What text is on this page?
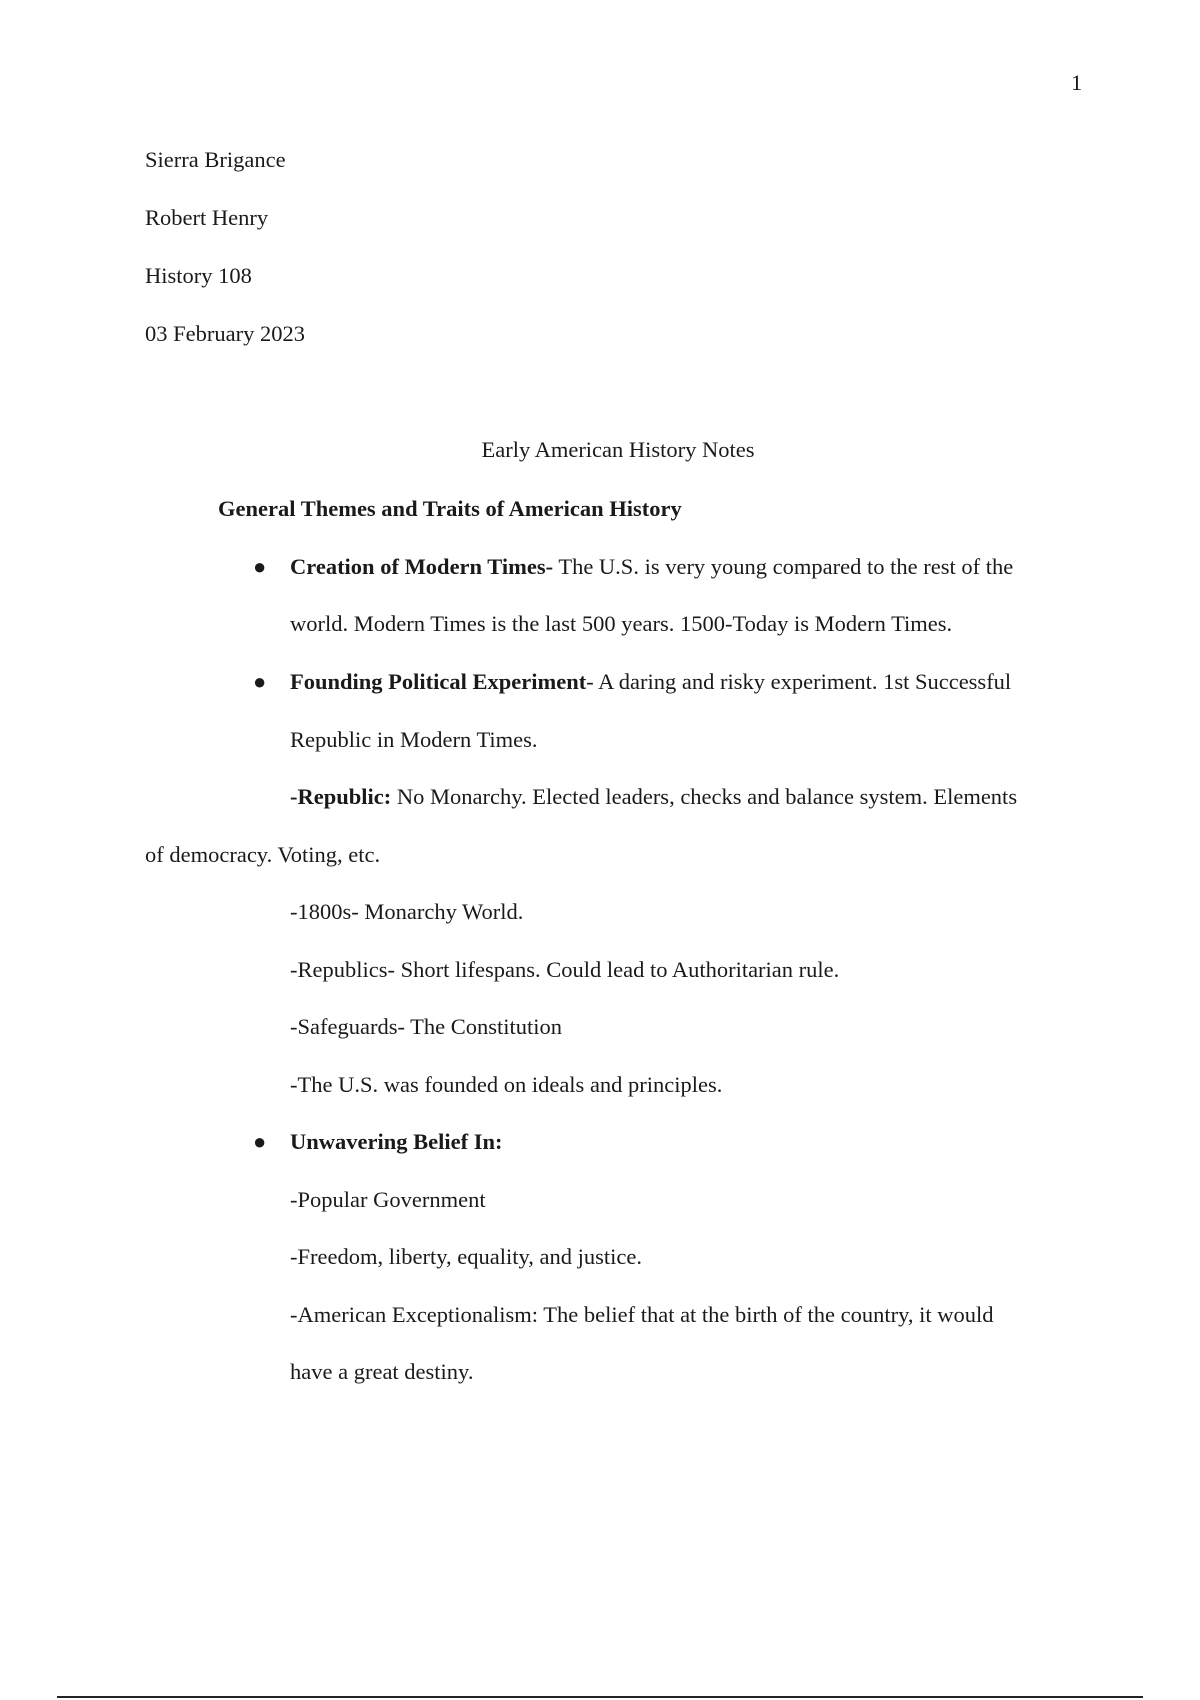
1
Sierra Brigance
Robert Henry
History 108
03 February 2023
Early American History Notes
General Themes and Traits of American History
● Creation of Modern Times- The U.S. is very young compared to the rest of the
world. Modern Times is the last 500 years. 1500-Today is Modern Times.
● Founding Political Experiment- A daring and risky experiment. 1st Successful
Republic in Modern Times.
-Republic: No Monarchy. Elected leaders, checks and balance system. Elements
of democracy. Voting, etc.
-1800s- Monarchy World.
-Republics- Short lifespans. Could lead to Authoritarian rule.
-Safeguards- The Constitution
-The U.S. was founded on ideals and principles.
● Unwavering Belief In:
-Popular Government
-Freedom, liberty, equality, and justice.
-American Exceptionalism: The belief that at the birth of the country, it would
have a great destiny.
